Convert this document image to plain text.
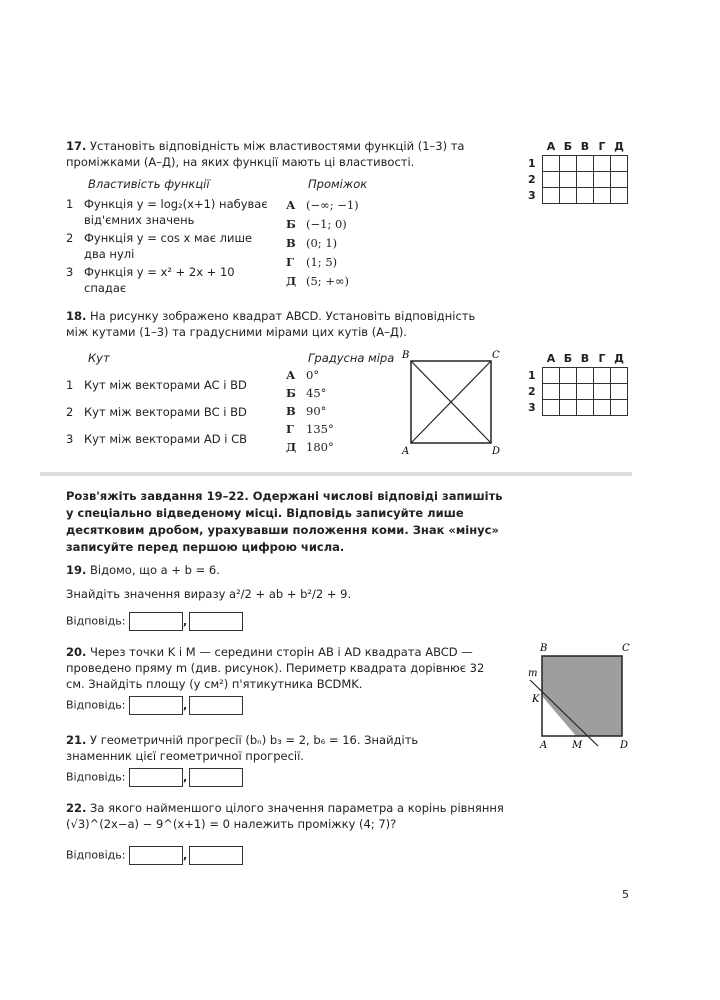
17. Установіть відповідність між властивостями функцій (1–3) та проміжками (А–Д), на яких функції мають ці властивості.
Властивість функції	Проміжок
1 Функція y = log₂(x+1) набуває від'ємних значень
2 Функція y = cos x має лише два нулі
3 Функція y = x² + 2x + 10 спадає
А (−∞; −1)
Б (−1; 0)
В (0; 1)
Г (1; 5)
Д (5; +∞)
	А	Б	В	Г	Д
1					
2					
3					
18. На рисунку зображено квадрат ABCD. Установіть відповідність між кутами (1–3) та градусними мірами цих кутів (А–Д).
Кут	Градусна міра
1 Кут між векторами AC і BD
2 Кут між векторами BC і BD
3 Кут між векторами AD і CB
А 0°
Б 45°
В 90°
Г 135°
Д 180°
B	C
A	D
	А	Б	В	Г	Д
1					
2					
3					
Розв'яжіть завдання 19–22. Одержані числові відповіді запишіть у спеціально відведеному місці. Відповідь записуйте лише десятковим дробом, урахувавши положення коми. Знак «мінус» записуйте перед першою цифрою числа.
19. Відомо, що a + b = 6.
Знайдіть значення виразу a²/2 + ab + b²/2 + 9.
Відповідь:	,
20. Через точки K і M — середини сторін AB і AD квадрата ABCD — проведено пряму m (див. рисунок). Периметр квадрата дорівнює 32 см. Знайдіть площу (у см²) п'ятикутника BCDMK.
Відповідь:	,
B	C
A M	D
K
m
21. У геометричній прогресії (bₙ) b₃ = 2, b₆ = 16. Знайдіть знаменник цієї геометричної прогресії.
Відповідь:	,
22. За якого найменшого цілого значення параметра a корінь рівняння (√3)^(2x−a) − 9^(x+1) = 0 належить проміжку (4; 7)?
Відповідь:	,
5
